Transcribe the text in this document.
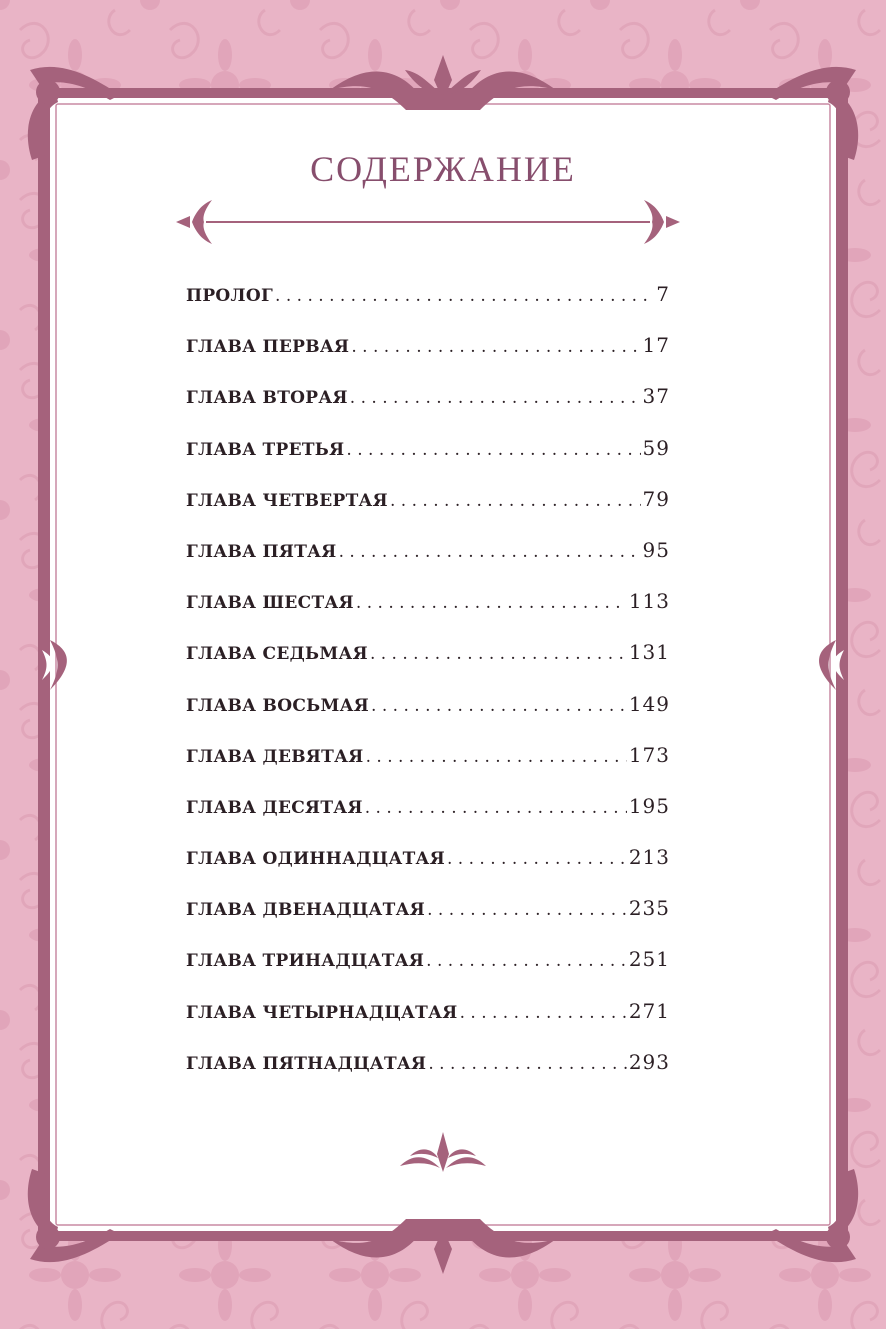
СОДЕРЖАНИЕ
ПРОЛОГ . . .	7
ГЛАВА ПЕРВАЯ . . .	17
ГЛАВА ВТОРАЯ . . .	37
ГЛАВА ТРЕТЬЯ . . .	59
ГЛАВА ЧЕТВЕРТАЯ . . .	79
ГЛАВА ПЯТАЯ . . .	95
ГЛАВА ШЕСТАЯ . . .	113
ГЛАВА СЕДЬМАЯ . . .	131
ГЛАВА ВОСЬМАЯ . . .	149
ГЛАВА ДЕВЯТАЯ . . .	173
ГЛАВА ДЕСЯТАЯ . . .	195
ГЛАВА ОДИННАДЦАТАЯ . . .	213
ГЛАВА ДВЕНАДЦАТАЯ . . .	235
ГЛАВА ТРИНАДЦАТАЯ . . .	251
ГЛАВА ЧЕТЫРНАДЦАТАЯ . . .	271
ГЛАВА ПЯТНАДЦАТАЯ . . .	293
